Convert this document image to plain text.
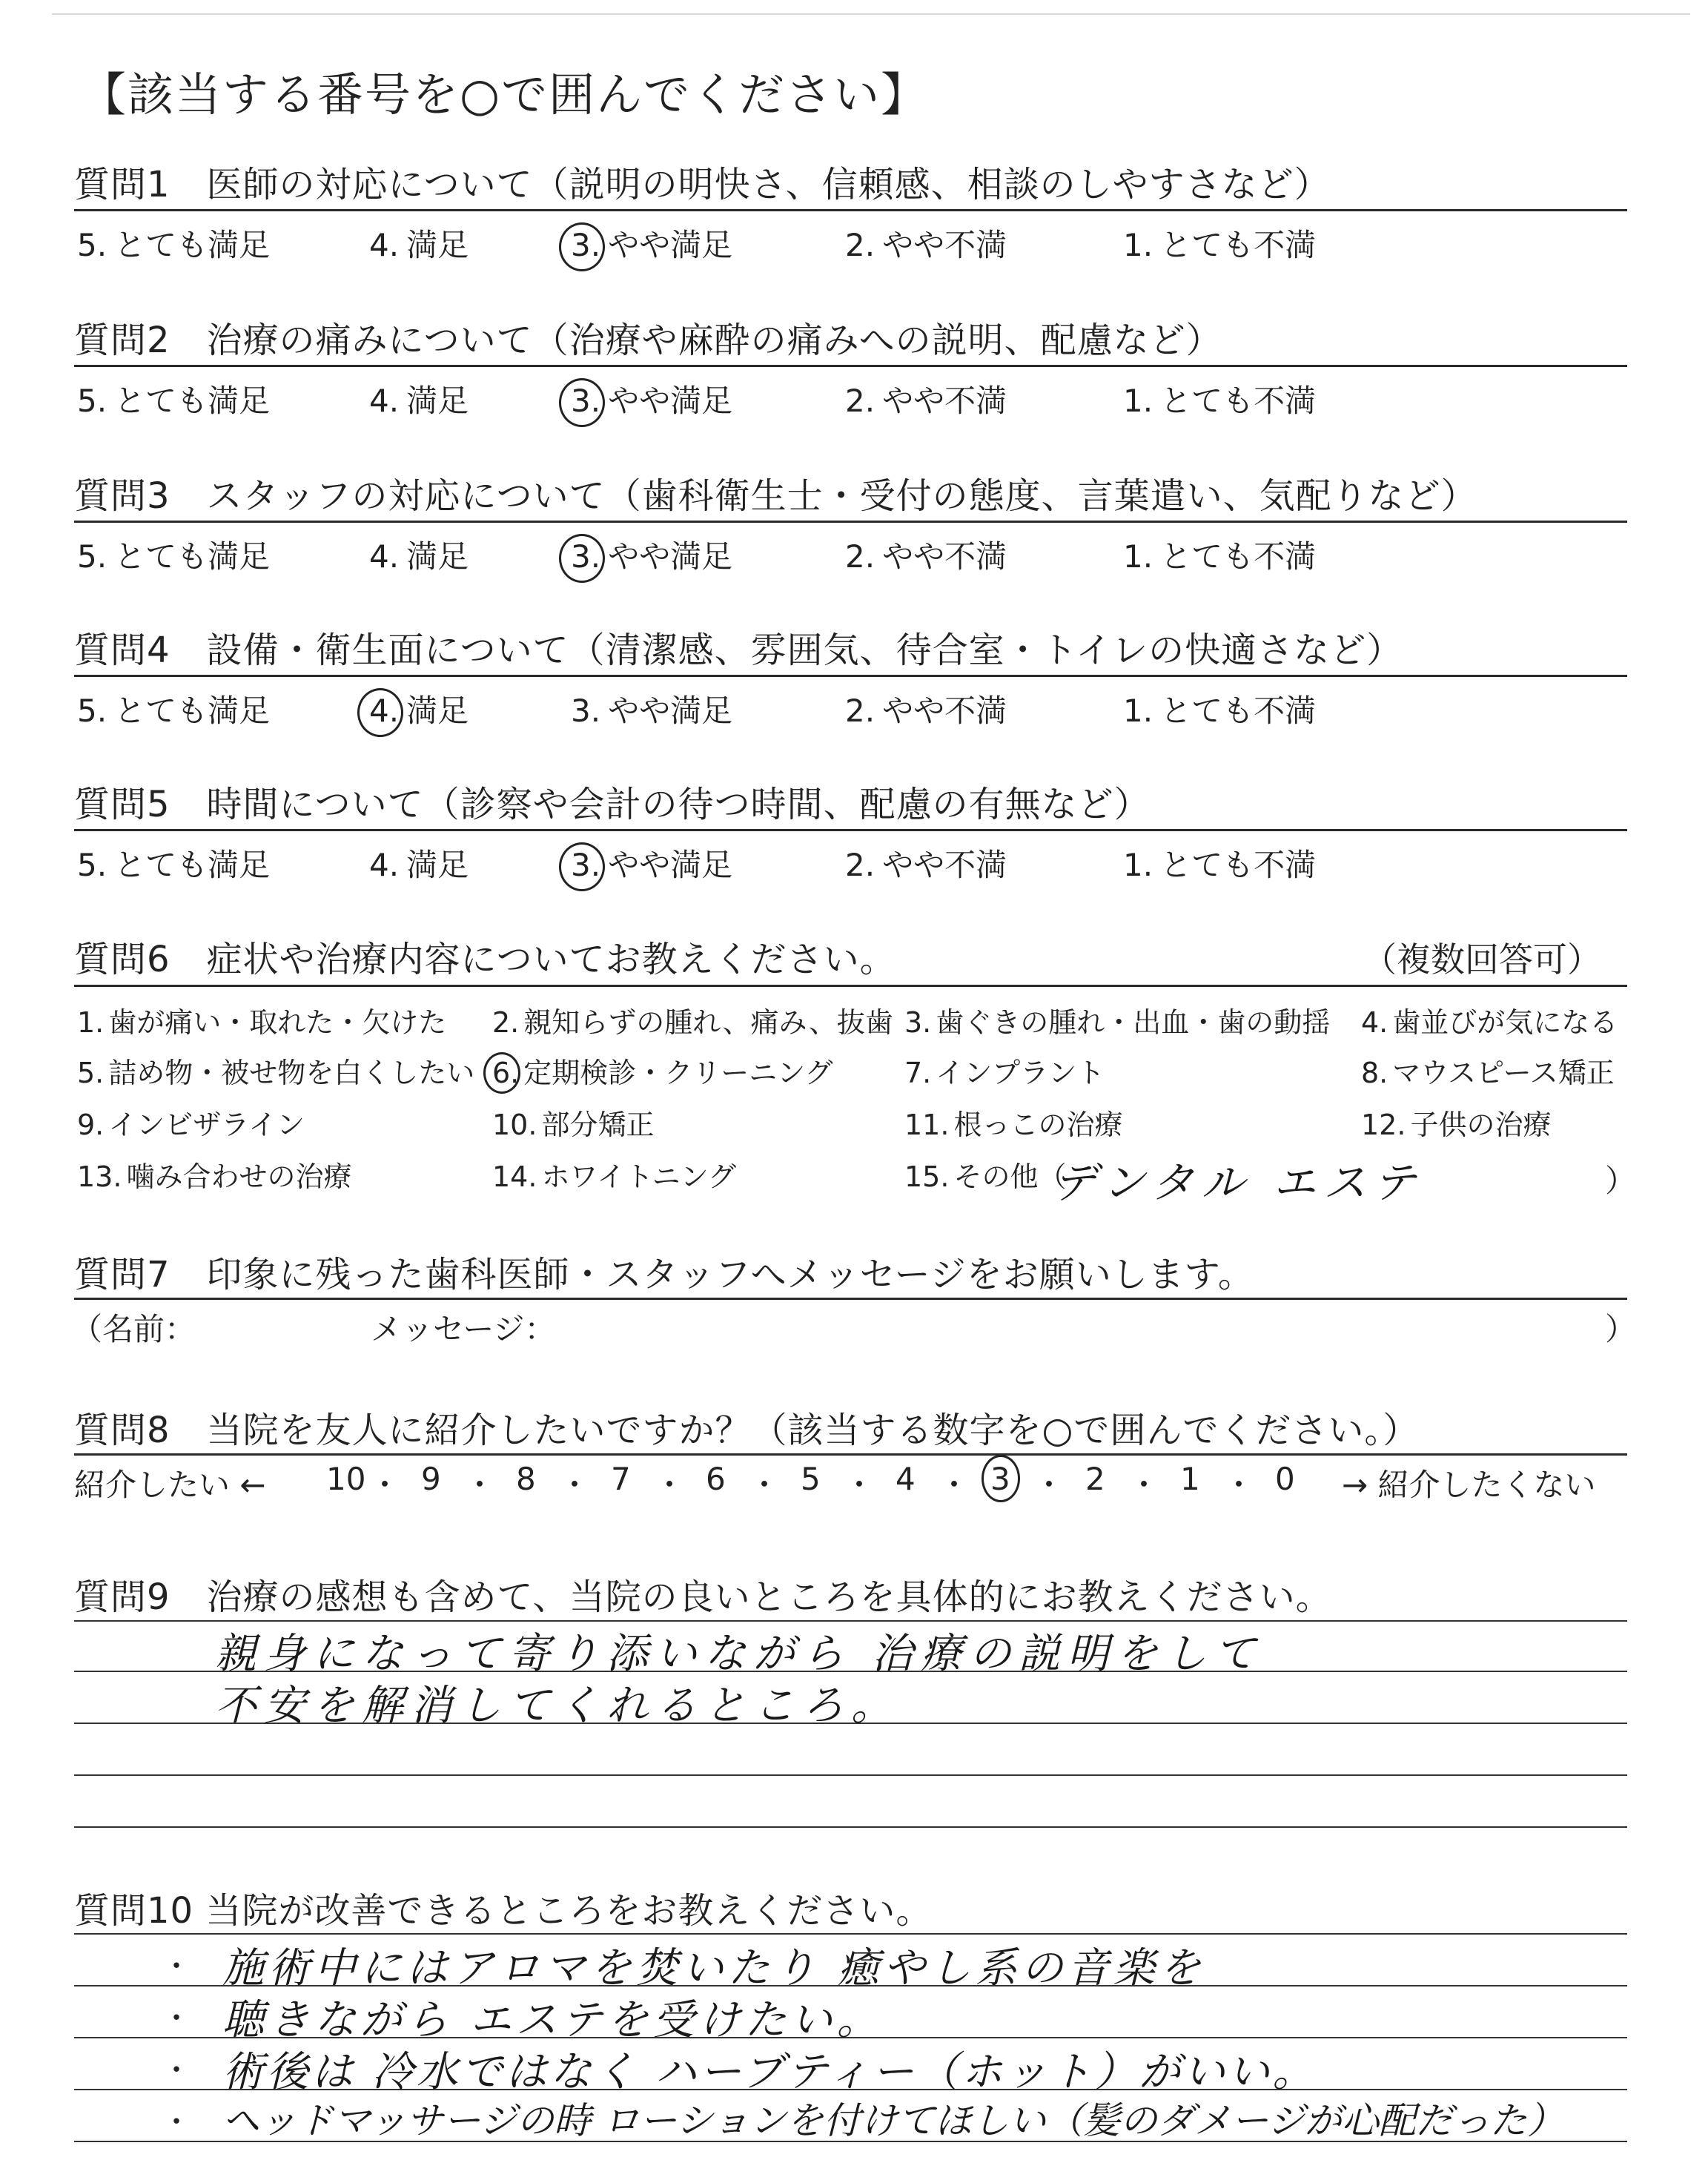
【該当する番号を○で囲んでください】
質問1　医師の対応について（説明の明快さ、信頼感、相談のしやすさなど）
5. とても満足	4. 満足	3. やや満足	2. やや不満	1. とても不満
質問2　治療の痛みについて（治療や麻酔の痛みへの説明、配慮など）
5. とても満足	4. 満足	3. やや満足	2. やや不満	1. とても不満
質問3　スタッフの対応について（歯科衛生士・受付の態度、言葉遣い、気配りなど）
5. とても満足	4. 満足	3. やや満足	2. やや不満	1. とても不満
質問4　設備・衛生面について（清潔感、雰囲気、待合室・トイレの快適さなど）
5. とても満足	4. 満足	3. やや満足	2. やや不満	1. とても不満
質問5　時間について（診察や会計の待つ時間、配慮の有無など）
5. とても満足	4. 満足	3. やや満足	2. やや不満	1. とても不満
質問6　症状や治療内容についてお教えください。	（複数回答可）
1. 歯が痛い・取れた・欠けた 2. 親知らずの腫れ、痛み、抜歯 3. 歯ぐきの腫れ・出血・歯の動揺 4. 歯並びが気になる
5. 詰め物・被せ物を白くしたい 6. 定期検診・クリーニング	7. インプラント	8. マウスピース矯正
9. インビザライン	10. 部分矯正	11. 根っこの治療	12. 子供の治療
13. 噛み合わせの治療	14. ホワイトニング	15. その他（
デンタル エステ	）
質問7　印象に残った歯科医師・スタッフへメッセージをお願いします。
（名前：	メッセージ：	）
質問8　当院を友人に紹介したいですか？（該当する数字を○で囲んでください。）
紹介したい ←	→ 紹介したくない
10 ・ 9 ・ 8 ・ 7 ・ 6 ・ 5 ・ 4 ・ 3 ・ 2 ・ 1 ・ 0
質問9　治療の感想も含めて、当院の良いところを具体的にお教えください。
親身になって寄り添いながら 治療の説明をして
不安を解消してくれるところ。
質問10 当院が改善できるところをお教えください。
・
・
・
・
施術中にはアロマを焚いたり 癒やし系の音楽を
聴きながら エステを受けたい。
術後は 冷水ではなく ハーブティー（ホット）がいい。
ヘッドマッサージの時 ローションを付けてほしい（髪のダメージが心配だった）
